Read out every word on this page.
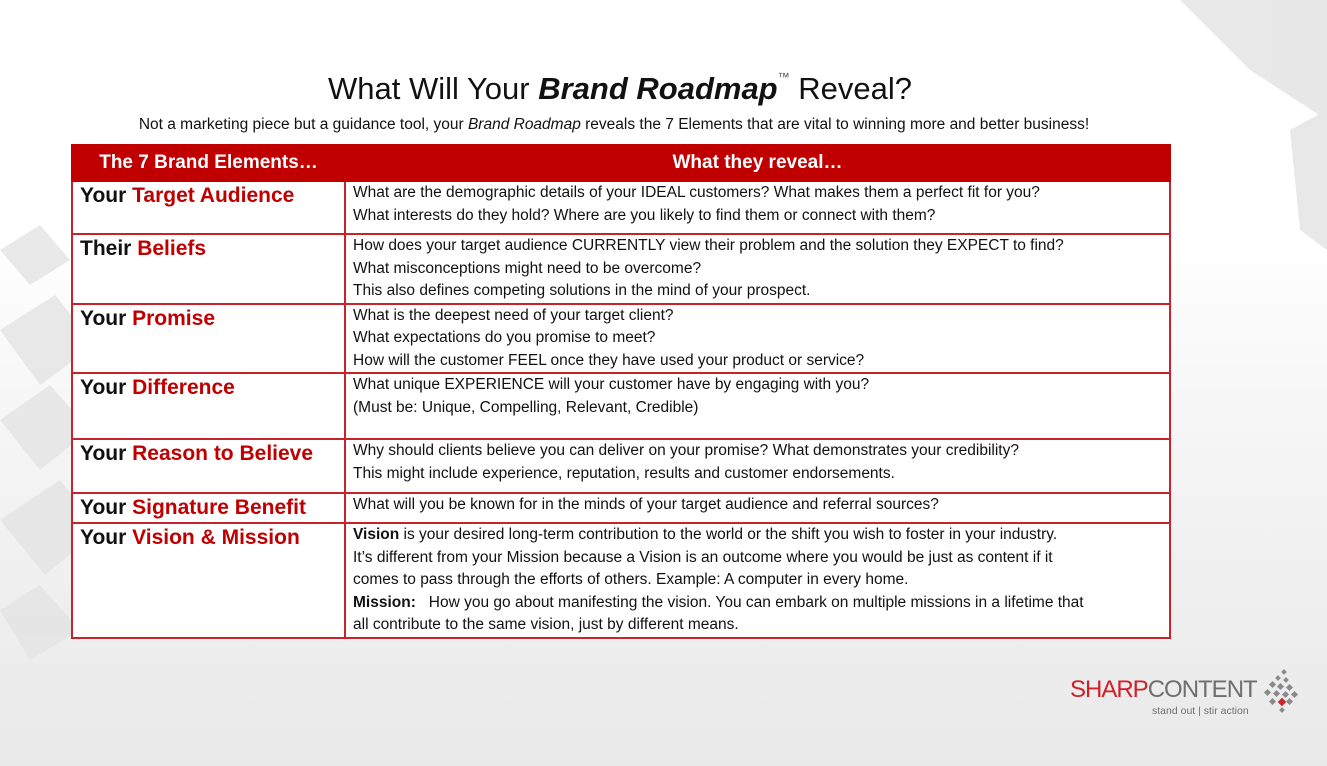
What Will Your Brand Roadmap™ Reveal?
Not a marketing piece but a guidance tool, your Brand Roadmap reveals the 7 Elements that are vital to winning more and better business!
The 7 Brand Elements…	What they reveal…
Your Target Audience	What are the demographic details of your IDEAL customers? What makes them a perfect fit for you?
What interests do they hold? Where are you likely to find them or connect with them?

Their Beliefs	How does your target audience CURRENTLY view their problem and the solution they EXPECT to find?
What misconceptions might need to be overcome?
This also defines competing solutions in the mind of your prospect.

Your Promise	What is the deepest need of your target client?
What expectations do you promise to meet?
How will the customer FEEL once they have used your product or service?

Your Difference	What unique EXPERIENCE will your customer have by engaging with you?
(Must be: Unique, Compelling, Relevant, Credible)

Your Reason to Believe	Why should clients believe you can deliver on your promise? What demonstrates your credibility?
This might include experience, reputation, results and customer endorsements.

Your Signature Benefit	What will you be known for in the minds of your target audience and referral sources?

Your Vision & Mission	Vision is your desired long-term contribution to the world or the shift you wish to foster in your industry.
It’s different from your Mission because a Vision is an outcome where you would be just as content if it
comes to pass through the efforts of others. Example: A computer in every home.
Mission:   How you go about manifesting the vision. You can embark on multiple missions in a lifetime that
all contribute to the same vision, just by different means.
SHARPCONTENT
stand out | stir action
